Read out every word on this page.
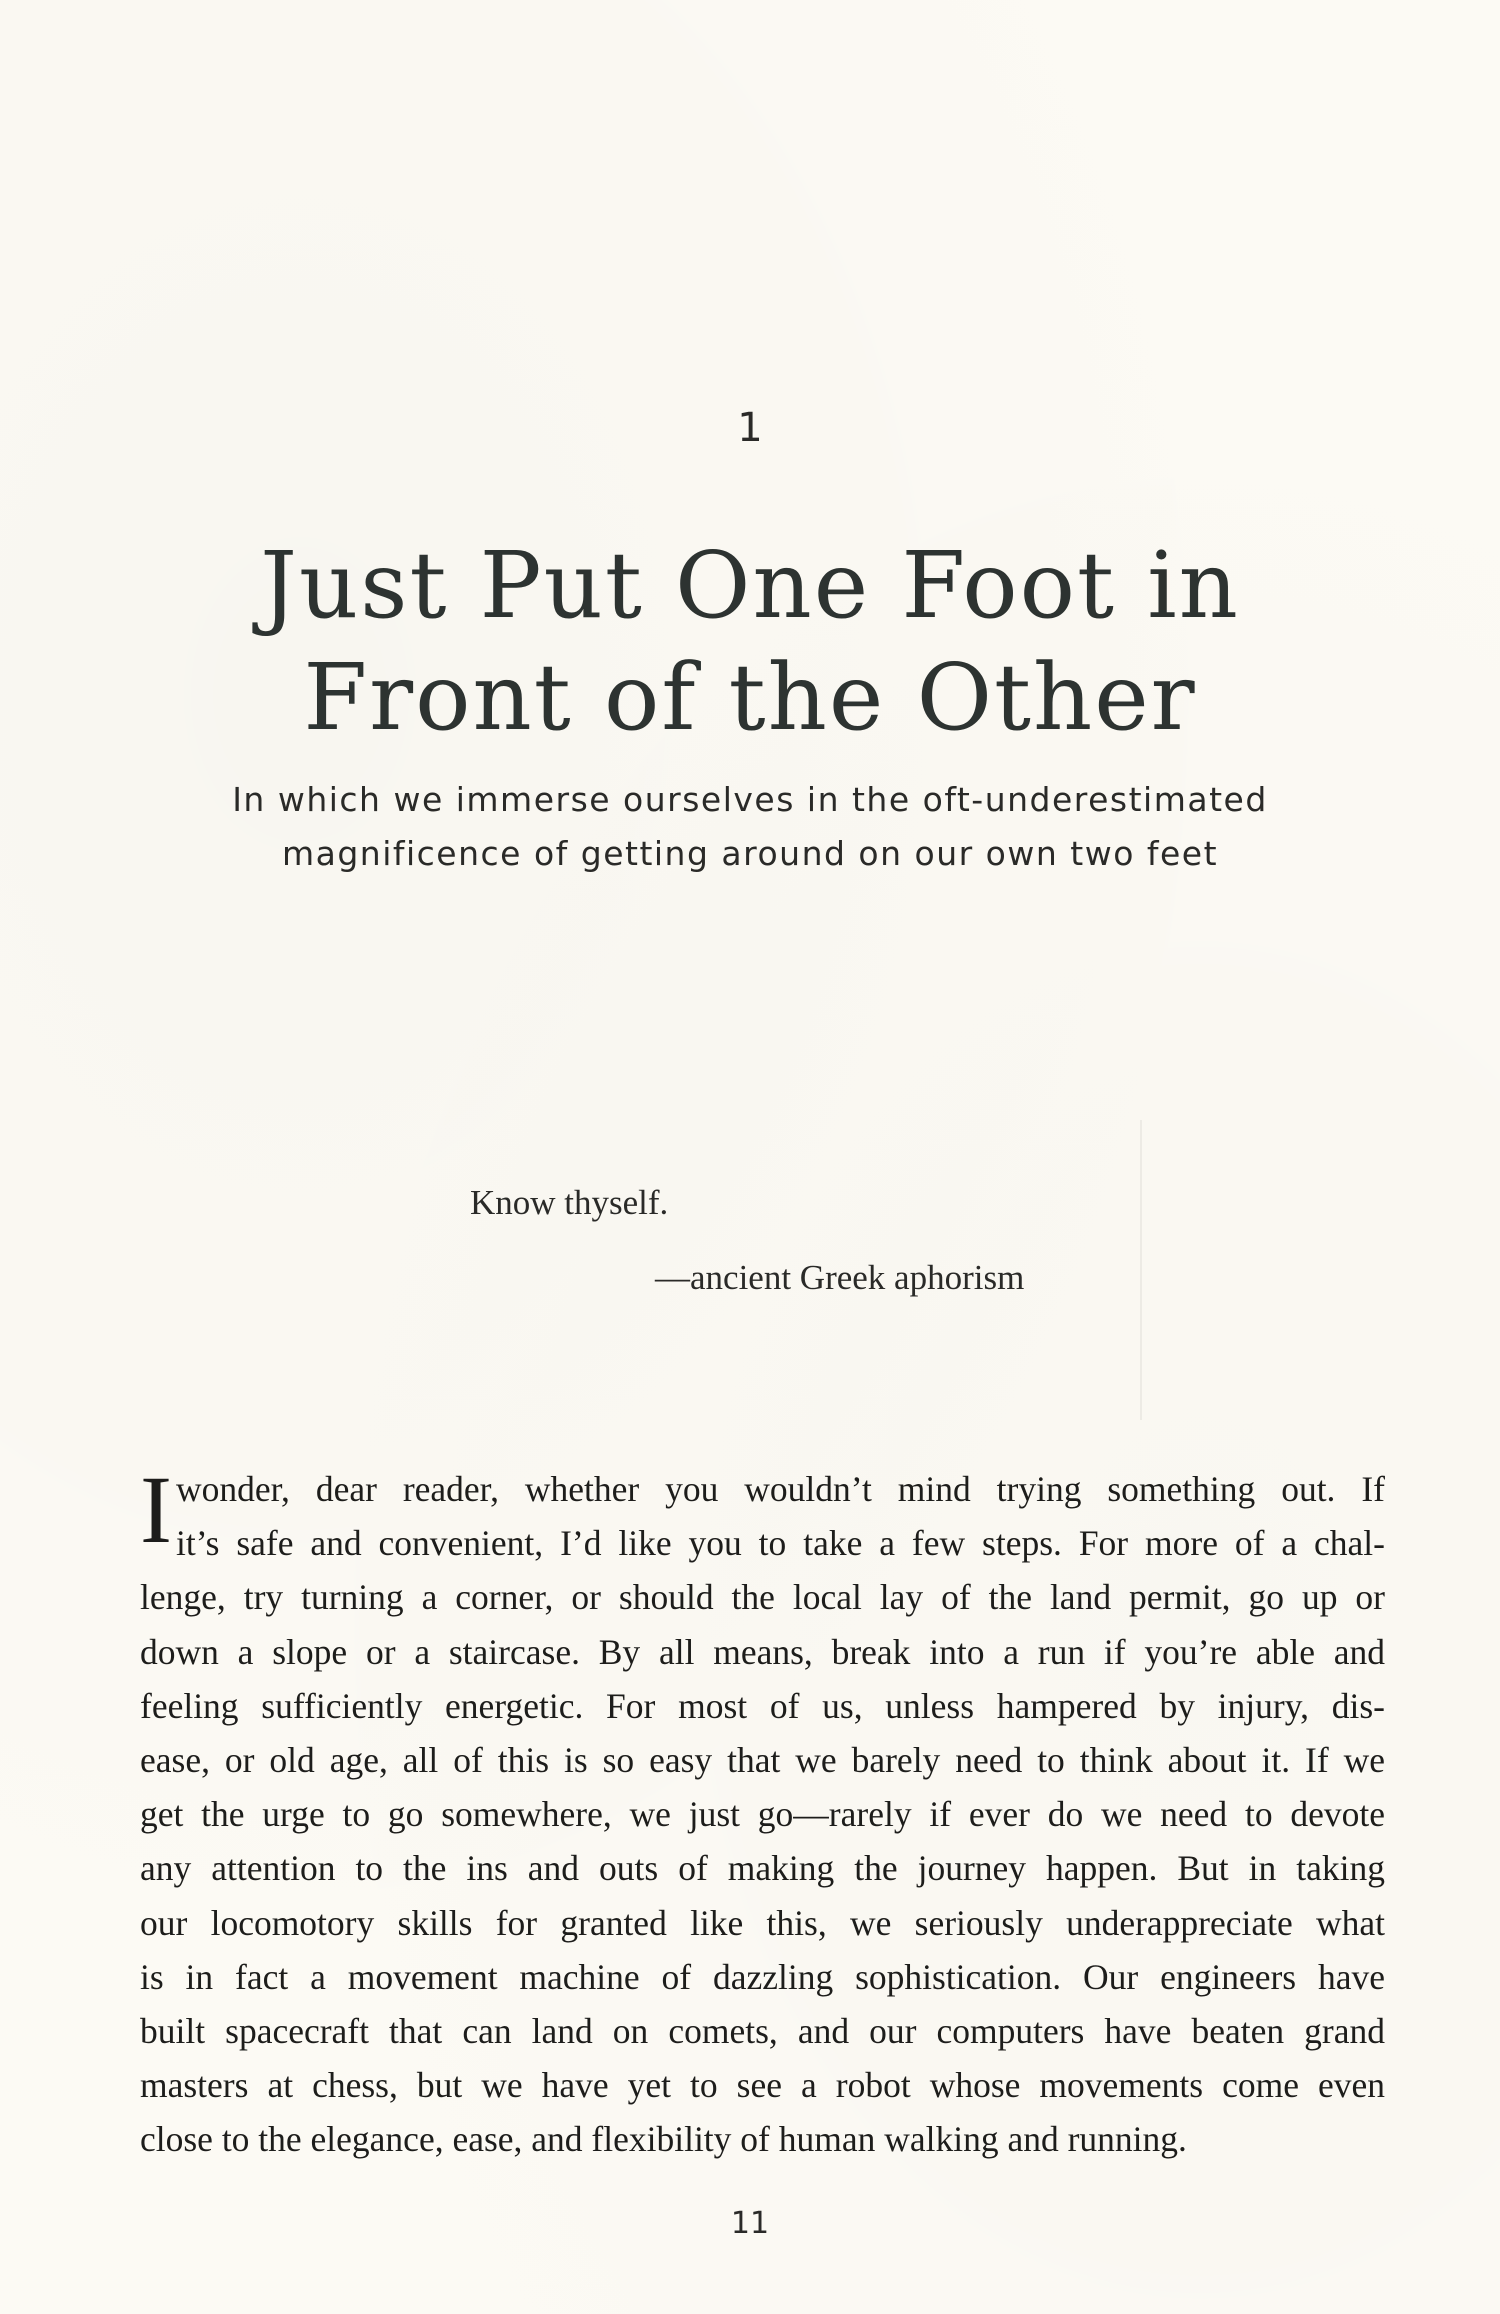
1
Just Put One Foot in
Front of the Other
In which we immerse ourselves in the oft-underestimated
magnificence of getting around on our own two feet
Know thyself.
—ancient Greek aphorism
I wonder, dear reader, whether you wouldn’t mind trying something out. If
it’s safe and convenient, I’d like you to take a few steps. For more of a chal-
lenge, try turning a corner, or should the local lay of the land permit, go up or
down a slope or a staircase. By all means, break into a run if you’re able and
feeling sufficiently energetic. For most of us, unless hampered by injury, dis-
ease, or old age, all of this is so easy that we barely need to think about it. If we
get the urge to go somewhere, we just go—rarely if ever do we need to devote
any attention to the ins and outs of making the journey happen. But in taking
our locomotory skills for granted like this, we seriously underappreciate what
is in fact a movement machine of dazzling sophistication. Our engineers have
built spacecraft that can land on comets, and our computers have beaten grand
masters at chess, but we have yet to see a robot whose movements come even
close to the elegance, ease, and flexibility of human walking and running.
11
